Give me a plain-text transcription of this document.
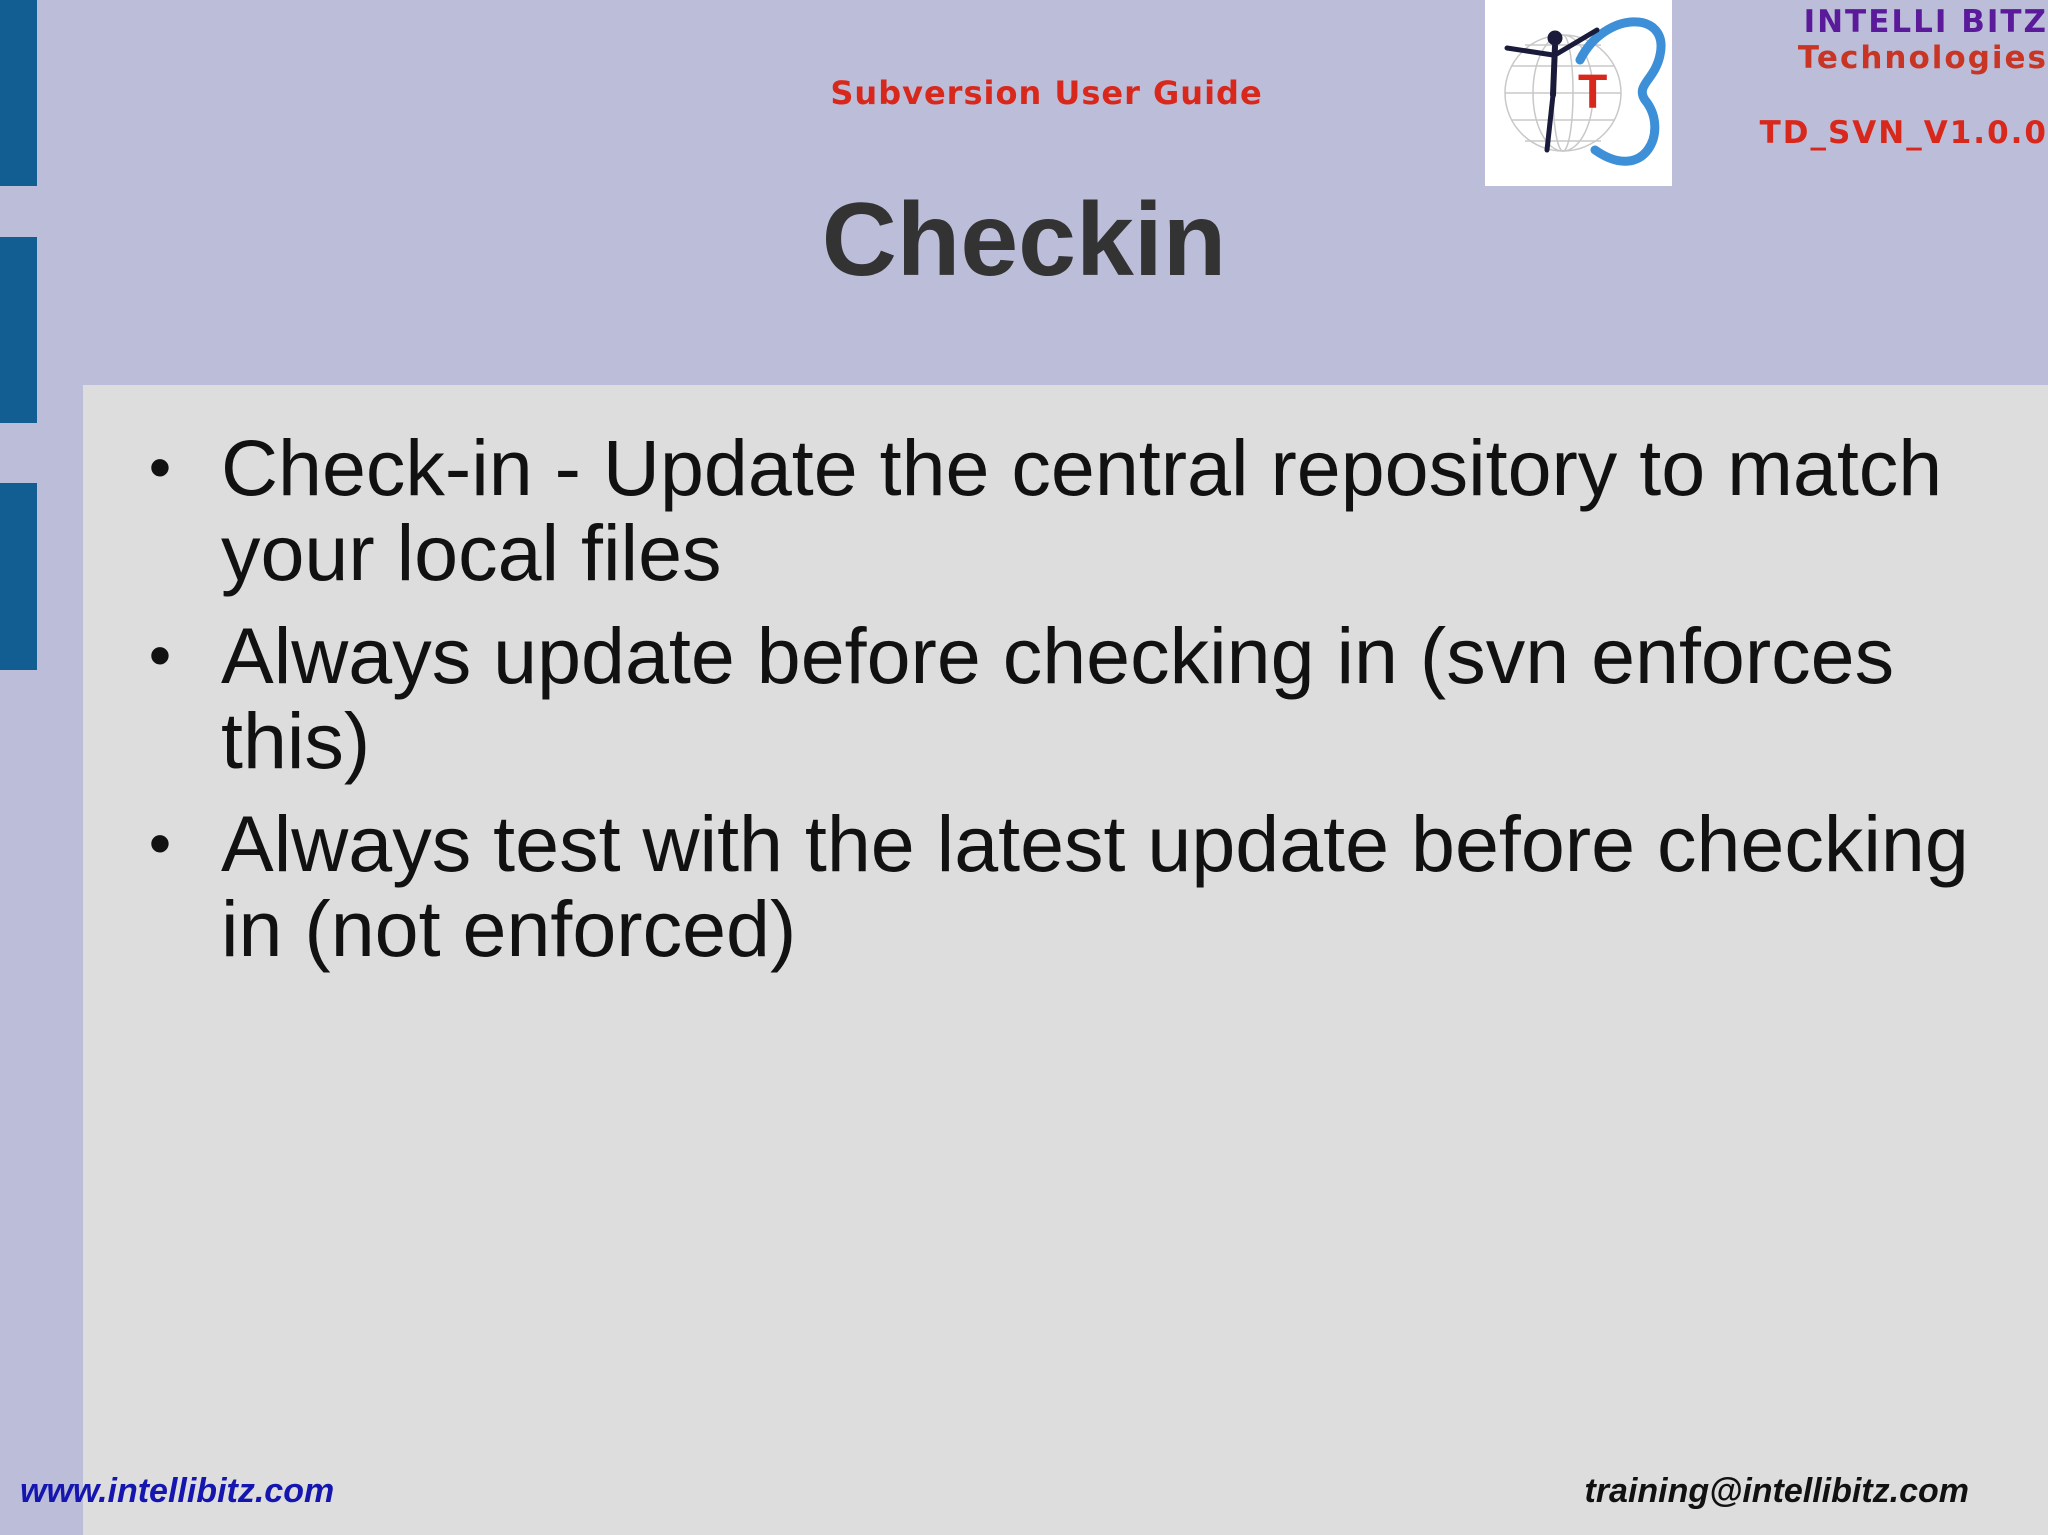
Subversion User Guide	T
INTELLI BITZ
Technologies
TD_SVN_V1.0.0
Checkin
• Check-in - Update the central repository to match your local files
• Always update before checking in (svn enforces this)
• Always test with the latest update before checking in (not enforced)
www.intellibitz.com	training@intellibitz.com
